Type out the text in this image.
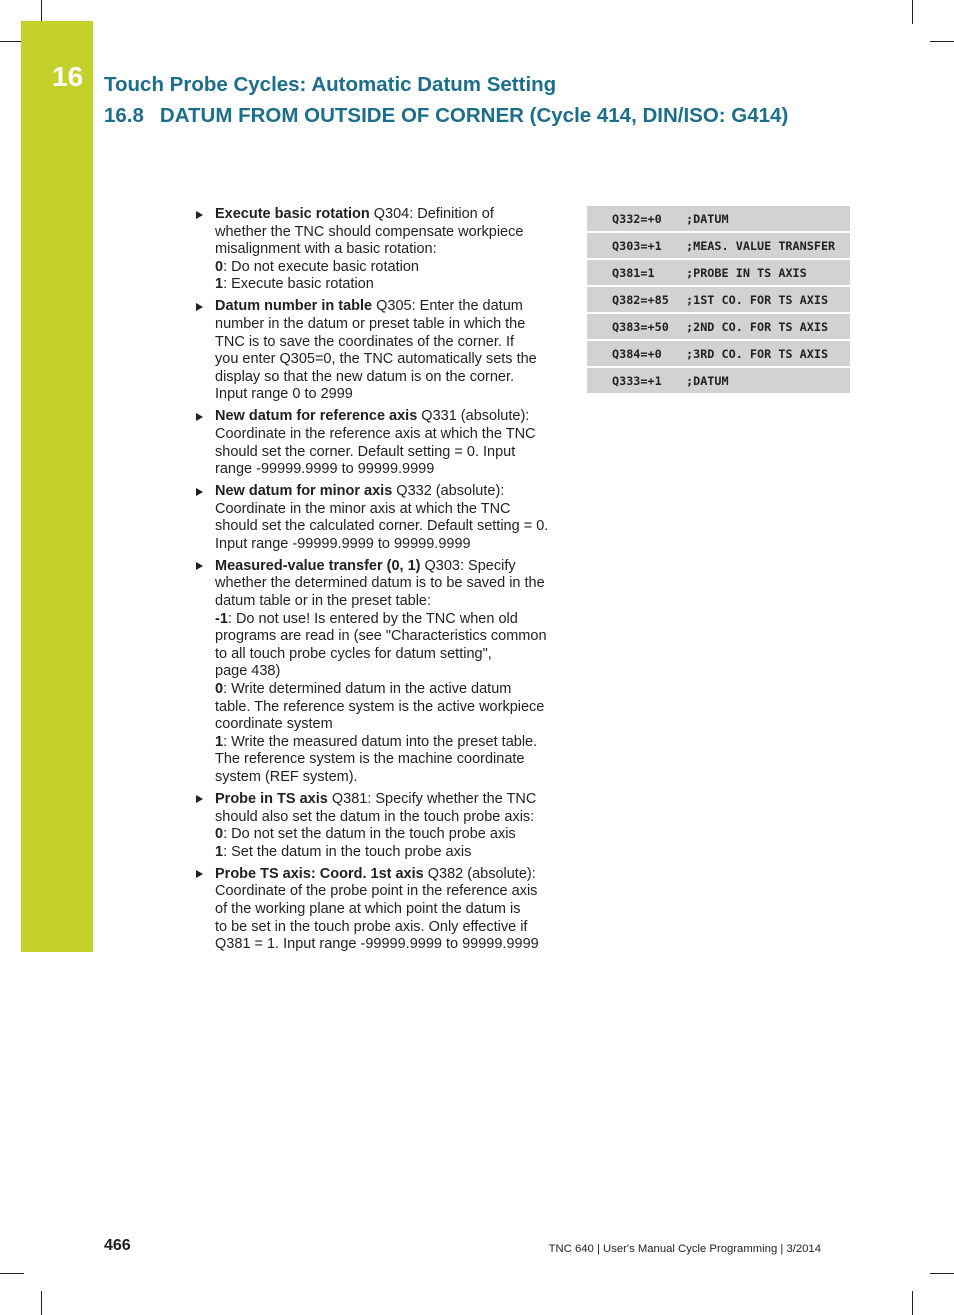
16 Touch Probe Cycles: Automatic Datum Setting
16.8 DATUM FROM OUTSIDE OF CORNER (Cycle 414, DIN/ISO: G414)
Execute basic rotation Q304: Definition of
whether the TNC should compensate workpiece
misalignment with a basic rotation:
0: Do not execute basic rotation
1: Execute basic rotation
Datum number in table Q305: Enter the datum
number in the datum or preset table in which the
TNC is to save the coordinates of the corner. If
you enter Q305=0, the TNC automatically sets the
display so that the new datum is on the corner.
Input range 0 to 2999
New datum for reference axis Q331 (absolute):
Coordinate in the reference axis at which the TNC
should set the corner. Default setting = 0. Input
range -99999.9999 to 99999.9999
New datum for minor axis Q332 (absolute):
Coordinate in the minor axis at which the TNC
should set the calculated corner. Default setting = 0.
Input range -99999.9999 to 99999.9999
Measured-value transfer (0, 1) Q303: Specify
whether the determined datum is to be saved in the
datum table or in the preset table:
-1: Do not use! Is entered by the TNC when old
programs are read in (see "Characteristics common
to all touch probe cycles for datum setting",
page 438)
0: Write determined datum in the active datum
table. The reference system is the active workpiece
coordinate system
1: Write the measured datum into the preset table.
The reference system is the machine coordinate
system (REF system).
Probe in TS axis Q381: Specify whether the TNC
should also set the datum in the touch probe axis:
0: Do not set the datum in the touch probe axis
1: Set the datum in the touch probe axis
Probe TS axis: Coord. 1st axis Q382 (absolute):
Coordinate of the probe point in the reference axis
of the working plane at which point the datum is
to be set in the touch probe axis. Only effective if
Q381 = 1. Input range -99999.9999 to 99999.9999
Q332=+0	;DATUM
Q303=+1	;MEAS. VALUE TRANSFER
Q381=1	;PROBE IN TS AXIS
Q382=+85	;1ST CO. FOR TS AXIS
Q383=+50	;2ND CO. FOR TS AXIS
Q384=+0	;3RD CO. FOR TS AXIS
Q333=+1	;DATUM
466	TNC 640 | User's Manual Cycle Programming | 3/2014
